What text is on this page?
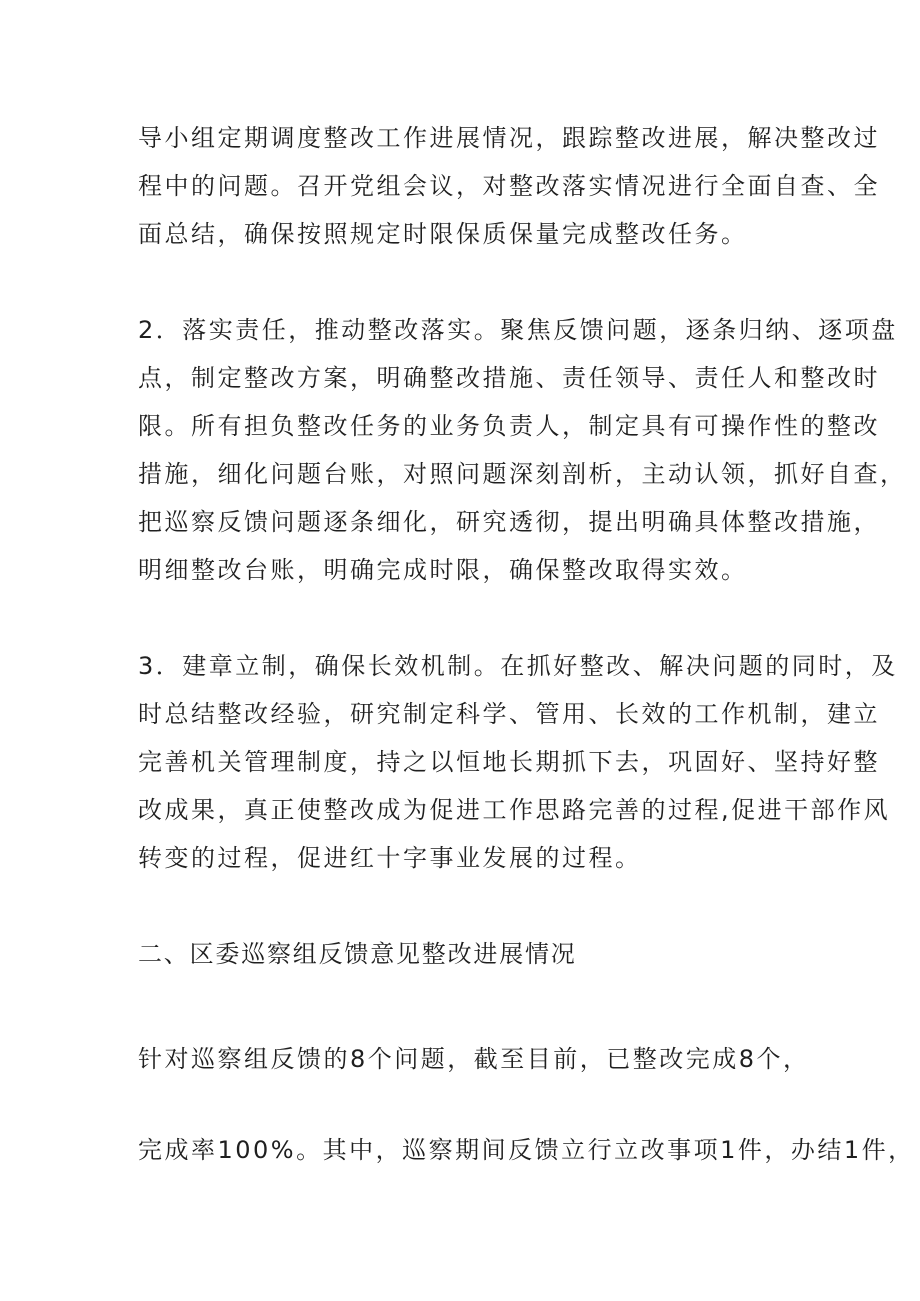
导小组定期调度整改工作进展情况，跟踪整改进展，解决整改过
程中的问题。召开党组会议，对整改落实情况进行全面自查、全
面总结，确保按照规定时限保质保量完成整改任务。
2．落实责任，推动整改落实。聚焦反馈问题，逐条归纳、逐项盘
点，制定整改方案，明确整改措施、责任领导、责任人和整改时
限。所有担负整改任务的业务负责人，制定具有可操作性的整改
措施，细化问题台账，对照问题深刻剖析，主动认领，抓好自查，
把巡察反馈问题逐条细化，研究透彻，提出明确具体整改措施，
明细整改台账，明确完成时限，确保整改取得实效。
3．建章立制，确保长效机制。在抓好整改、解决问题的同时，及
时总结整改经验，研究制定科学、管用、长效的工作机制，建立
完善机关管理制度，持之以恒地长期抓下去，巩固好、坚持好整
改成果，真正使整改成为促进工作思路完善的过程,促进干部作风
转变的过程，促进红十字事业发展的过程。
二、区委巡察组反馈意见整改进展情况
针对巡察组反馈的8个问题，截至目前，已整改完成8个，
完成率100%。其中，巡察期间反馈立行立改事项1件，办结1件，
